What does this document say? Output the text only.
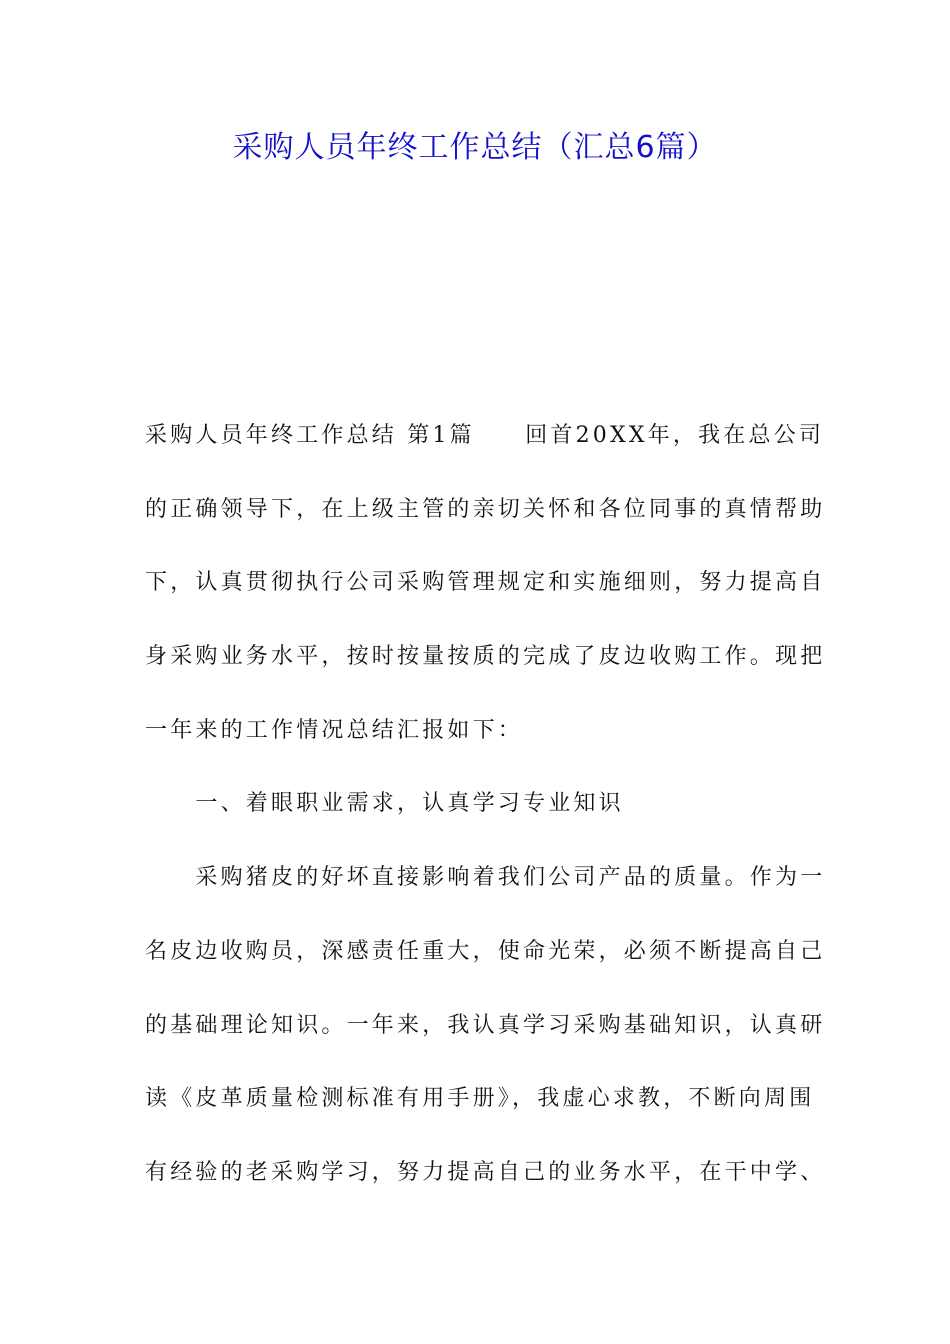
采购人员年终工作总结（汇总6篇）
采购人员年终工作总结 第1篇　　回首20XX年，我在总公司
的正确领导下，在上级主管的亲切关怀和各位同事的真情帮助
下，认真贯彻执行公司采购管理规定和实施细则，努力提高自
身采购业务水平，按时按量按质的完成了皮边收购工作。现把
一年来的工作情况总结汇报如下：
　　一、着眼职业需求，认真学习专业知识
　　采购猪皮的好坏直接影响着我们公司产品的质量。作为一
名皮边收购员，深感责任重大，使命光荣，必须不断提高自己
的基础理论知识。一年来，我认真学习采购基础知识，认真研
读《皮革质量检测标准有用手册》，我虚心求教，不断向周围
有经验的老采购学习，努力提高自己的业务水平，在干中学、
